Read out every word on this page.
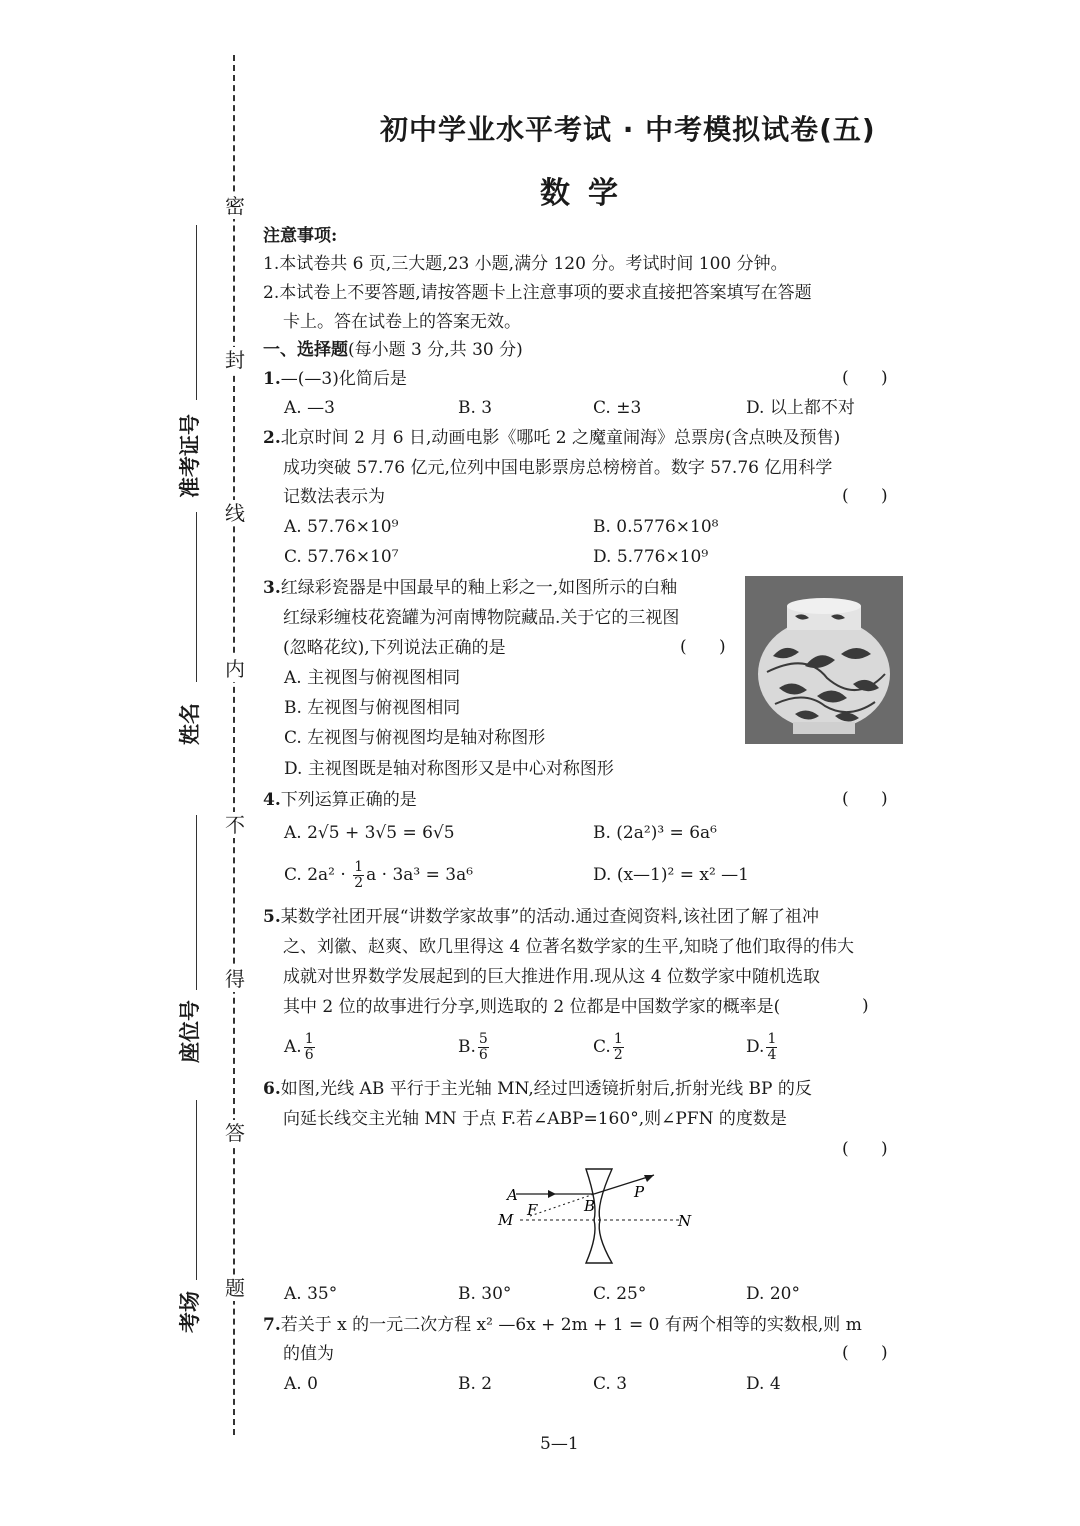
密
封
线
内
不
得
答
题
准考证号
姓名
座位号
考场
初中学业水平考试 · 中考模拟试卷(五)
数学
注意事项:
1.本试卷共 6 页,三大题,23 小题,满分 120 分。考试时间 100 分钟。
2.本试卷上不要答题,请按答题卡上注意事项的要求直接把答案填写在答题
卡上。答在试卷上的答案无效。
一、选择题(每小题 3 分,共 30 分)
1.—(—3)化简后是	(      )
A. —3	B. 3	C. ±3	D. 以上都不对
2.北京时间 2 月 6 日,动画电影《哪吒 2 之魔童闹海》总票房(含点映及预售)
成功突破 57.76 亿元,位列中国电影票房总榜榜首。数字 57.76 亿用科学
记数法表示为	(      )
A. 57.76×10⁹	B. 0.5776×10⁸
C. 57.76×10⁷	D. 5.776×10⁹
3.红绿彩瓷器是中国最早的釉上彩之一,如图所示的白釉
红绿彩缠枝花瓷罐为河南博物院藏品.关于它的三视图
(忽略花纹),下列说法正确的是	(      )
A. 主视图与俯视图相同
B. 左视图与俯视图相同
C. 左视图与俯视图均是轴对称图形
D. 主视图既是轴对称图形又是中心对称图形
4.下列运算正确的是	(      )
A. 2√5 + 3√5 = 6√5	B. (2a²)³ = 6a⁶
C. $2a^2 \cdot \frac{1}{2}$ a · 3a³ = 3a⁶	D. (x—1)² = x² —1
5.某数学社团开展“讲数学家故事”的活动.通过查阅资料,该社团了解了祖冲
之、刘徽、赵爽、欧几里得这 4 位著名数学家的生平,知晓了他们取得的伟大
成就对世界数学发展起到的巨大推进作用.现从这 4 位数学家中随机选取
其中 2 位的故事进行分享,则选取的 2 位都是中国数学家的概率是(	)
A. $\frac{1}{6}$	B. $\frac{5}{6}$	C. $\frac{1}{2}$	D. $\frac{1}{4}$
6.如图,光线 AB 平行于主光轴 MN,经过凹透镜折射后,折射光线 BP 的反
向延长线交主光轴 MN 于点 F.若∠ABP=160°,则∠PFN 的度数是
(      )
A
M
F	B
P
N
A. 35°	B. 30°	C. 25°	D. 20°
7.若关于 x 的一元二次方程 x² —6x + 2m + 1 = 0 有两个相等的实数根,则 m
的值为	(      )
A. 0	B. 2	C. 3	D. 4
5—1
